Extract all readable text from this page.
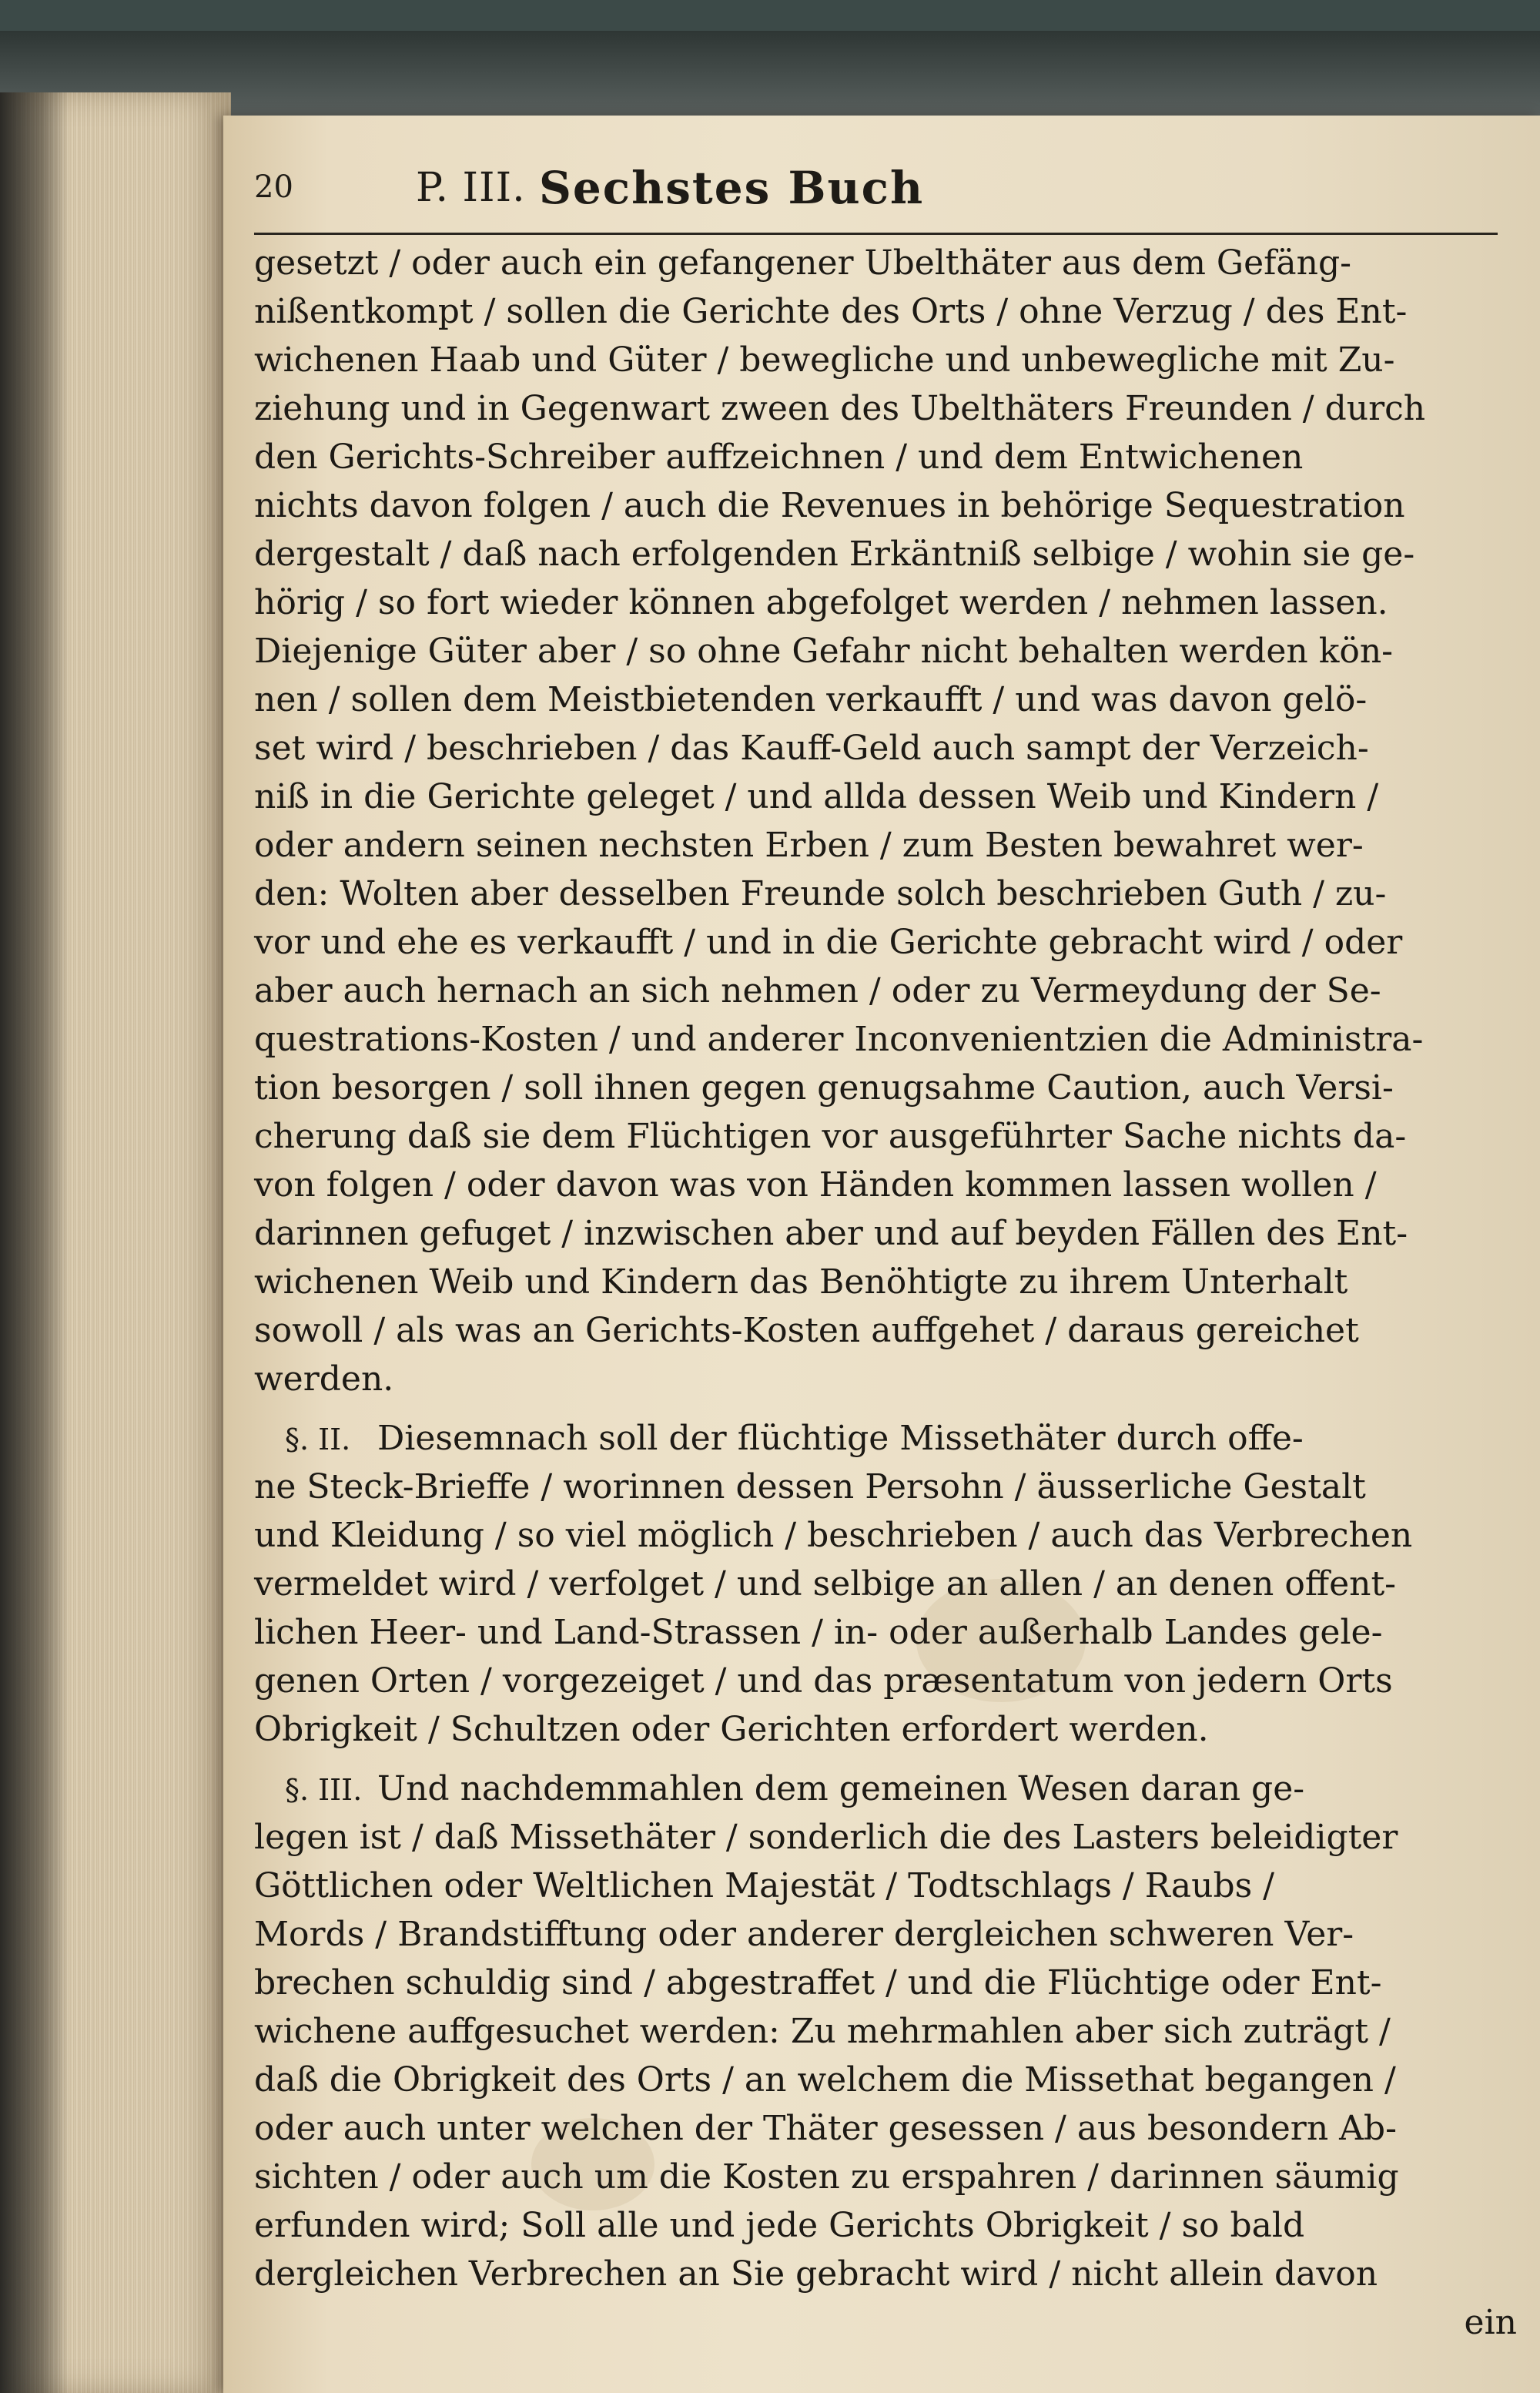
20	P. III. Sechstes Buch
gesetzt / oder auch ein gefangener Ubelthäter aus dem Gefäng-
nißentkompt / sollen die Gerichte des Orts / ohne Verzug / des Ent-
wichenen Haab und Güter / bewegliche und unbewegliche mit Zu-
ziehung und in Gegenwart zween des Ubelthäters Freunden / durch
den Gerichts-Schreiber auffzeichnen / und dem Entwichenen
nichts davon folgen / auch die Revenues in behörige Sequestration
dergestalt / daß nach erfolgenden Erkäntniß selbige / wohin sie ge-
hörig / so fort wieder können abgefolget werden / nehmen lassen.
Diejenige Güter aber / so ohne Gefahr nicht behalten werden kön-
nen / sollen dem Meistbietenden verkaufft / und was davon gelö-
set wird / beschrieben / das Kauff-Geld auch sampt der Verzeich-
niß in die Gerichte geleget / und allda dessen Weib und Kindern /
oder andern seinen nechsten Erben / zum Besten bewahret wer-
den: Wolten aber desselben Freunde solch beschrieben Guth / zu-
vor und ehe es verkaufft / und in die Gerichte gebracht wird / oder
aber auch hernach an sich nehmen / oder zu Vermeydung der Se-
questrations-Kosten / und anderer Inconvenientzien die Administra-
tion besorgen / soll ihnen gegen genugsahme Caution, auch Versi-
cherung daß sie dem Flüchtigen vor ausgeführter Sache nichts da-
von folgen / oder davon was von Händen kommen lassen wollen /
darinnen gefuget / inzwischen aber und auf beyden Fällen des Ent-
wichenen Weib und Kindern das Benöhtigte zu ihrem Unterhalt
sowoll / als was an Gerichts-Kosten auffgehet / daraus gereichet
werden.
§. II. Diesemnach soll der flüchtige Missethäter durch offe-
ne Steck-Brieffe / worinnen dessen Persohn / äusserliche Gestalt
und Kleidung / so viel möglich / beschrieben / auch das Verbrechen
vermeldet wird / verfolget / und selbige an allen / an denen offent-
lichen Heer- und Land-Strassen / in- oder außerhalb Landes gele-
genen Orten / vorgezeiget / und das præsentatum von jedern Orts
Obrigkeit / Schultzen oder Gerichten erfordert werden.
§. III. Und nachdemmahlen dem gemeinen Wesen daran ge-
legen ist / daß Missethäter / sonderlich die des Lasters beleidigter
Göttlichen oder Weltlichen Majestät / Todtschlags / Raubs /
Mords / Brandstifftung oder anderer dergleichen schweren Ver-
brechen schuldig sind / abgestraffet / und die Flüchtige oder Ent-
wichene auffgesuchet werden: Zu mehrmahlen aber sich zuträgt /
daß die Obrigkeit des Orts / an welchem die Missethat begangen /
oder auch unter welchen der Thäter gesessen / aus besondern Ab-
sichten / oder auch um die Kosten zu erspahren / darinnen säumig
erfunden wird; Soll alle und jede Gerichts Obrigkeit / so bald
dergleichen Verbrechen an Sie gebracht wird / nicht allein davon
ein
